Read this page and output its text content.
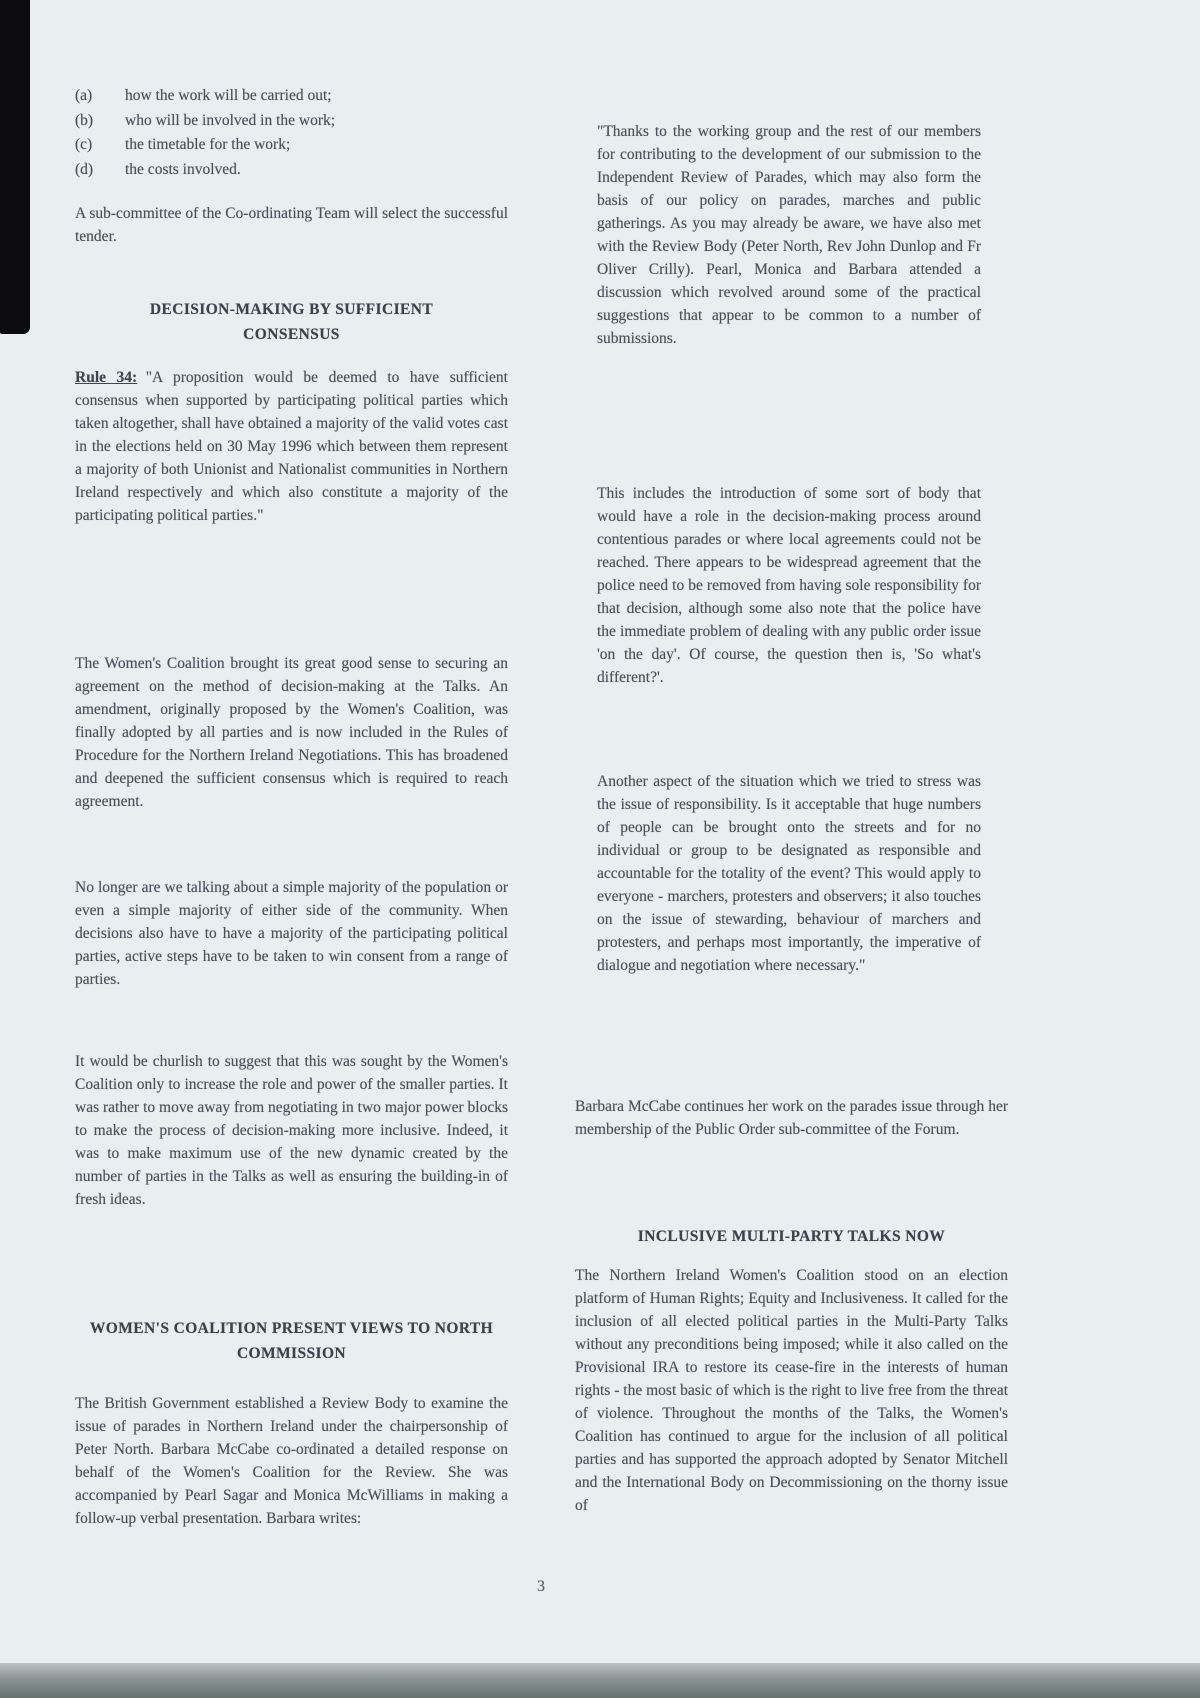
(a)	how the work will be carried out;
(b)	who will be involved in the work;
(c)	the timetable for the work;
(d)	the costs involved.

A sub-committee of the Co-ordinating Team will select the successful tender.

DECISION-MAKING BY SUFFICIENT CONSENSUS

Rule 34: "A proposition would be deemed to have sufficient consensus when supported by participating political parties which taken altogether, shall have obtained a majority of the valid votes cast in the elections held on 30 May 1996 which between them represent a majority of both Unionist and Nationalist communities in Northern Ireland respectively and which also constitute a majority of the participating political parties."

The Women's Coalition brought its great good sense to securing an agreement on the method of decision-making at the Talks. An amendment, originally proposed by the Women's Coalition, was finally adopted by all parties and is now included in the Rules of Procedure for the Northern Ireland Negotiations. This has broadened and deepened the sufficient consensus which is required to reach agreement.

No longer are we talking about a simple majority of the population or even a simple majority of either side of the community. When decisions also have to have a majority of the participating political parties, active steps have to be taken to win consent from a range of parties.

It would be churlish to suggest that this was sought by the Women's Coalition only to increase the role and power of the smaller parties. It was rather to move away from negotiating in two major power blocks to make the process of decision-making more inclusive. Indeed, it was to make maximum use of the new dynamic created by the number of parties in the Talks as well as ensuring the building-in of fresh ideas.

WOMEN'S COALITION PRESENT VIEWS TO NORTH COMMISSION

The British Government established a Review Body to examine the issue of parades in Northern Ireland under the chairpersonship of Peter North. Barbara McCabe co-ordinated a detailed response on behalf of the Women's Coalition for the Review. She was accompanied by Pearl Sagar and Monica McWilliams in making a follow-up verbal presentation. Barbara writes:

"Thanks to the working group and the rest of our members for contributing to the development of our submission to the Independent Review of Parades, which may also form the basis of our policy on parades, marches and public gatherings. As you may already be aware, we have also met with the Review Body (Peter North, Rev John Dunlop and Fr Oliver Crilly). Pearl, Monica and Barbara attended a discussion which revolved around some of the practical suggestions that appear to be common to a number of submissions.

This includes the introduction of some sort of body that would have a role in the decision-making process around contentious parades or where local agreements could not be reached. There appears to be widespread agreement that the police need to be removed from having sole responsibility for that decision, although some also note that the police have the immediate problem of dealing with any public order issue 'on the day'. Of course, the question then is, 'So what's different?'.

Another aspect of the situation which we tried to stress was the issue of responsibility. Is it acceptable that huge numbers of people can be brought onto the streets and for no individual or group to be designated as responsible and accountable for the totality of the event? This would apply to everyone - marchers, protesters and observers; it also touches on the issue of stewarding, behaviour of marchers and protesters, and perhaps most importantly, the imperative of dialogue and negotiation where necessary."

Barbara McCabe continues her work on the parades issue through her membership of the Public Order sub-committee of the Forum.

INCLUSIVE MULTI-PARTY TALKS NOW

The Northern Ireland Women's Coalition stood on an election platform of Human Rights; Equity and Inclusiveness. It called for the inclusion of all elected political parties in the Multi-Party Talks without any preconditions being imposed; while it also called on the Provisional IRA to restore its cease-fire in the interests of human rights - the most basic of which is the right to live free from the threat of violence. Throughout the months of the Talks, the Women's Coalition has continued to argue for the inclusion of all political parties and has supported the approach adopted by Senator Mitchell and the International Body on Decommissioning on the thorny issue of

3
